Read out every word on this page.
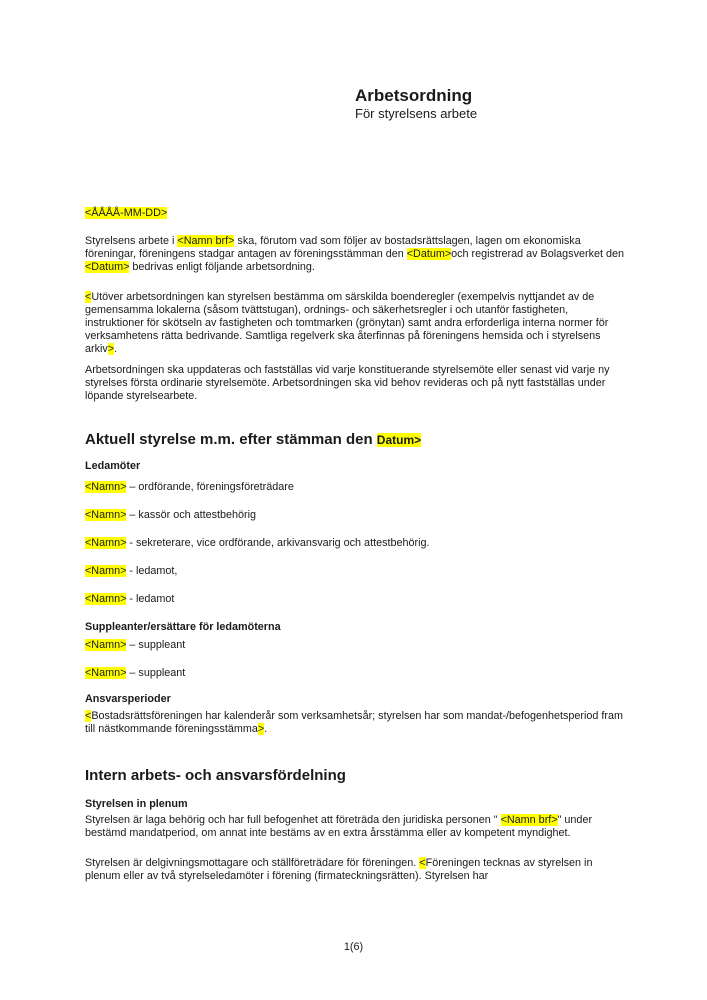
Arbetsordning
För styrelsens arbete

<ÅÅÅÅ-MM-DD>

Styrelsens arbete i <Namn brf> ska, förutom vad som följer av bostadsrättslagen, lagen om ekonomiska föreningar, föreningens stadgar antagen av föreningsstämman den <Datum>och registrerad av Bolagsverket den <Datum> bedrivas enligt följande arbetsordning.

<Utöver arbetsordningen kan styrelsen bestämma om särskilda boenderegler (exempelvis nyttjandet av de gemensamma lokalerna (såsom tvättstugan), ordnings- och säkerhetsregler i och utanför fastigheten, instruktioner för skötseln av fastigheten och tomtmarken (grönytan) samt andra erforderliga interna normer för verksamhetens rätta bedrivande. Samtliga regelverk ska återfinnas på föreningens hemsida och i styrelsens arkiv>.

Arbetsordningen ska uppdateras och fastställas vid varje konstituerande styrelsemöte eller senast vid varje ny styrelses första ordinarie styrelsemöte. Arbetsordningen ska vid behov revideras och på nytt fastställas under löpande styrelsearbete.

Aktuell styrelse m.m. efter stämman den Datum>
Ledamöter

<Namn> – ordförande, föreningsföreträdare

<Namn> – kassör och attestbehörig

<Namn> - sekreterare, vice ordförande, arkivansvarig och attestbehörig.

<Namn> - ledamot,

<Namn> - ledamot

Suppleanter/ersättare för ledamöterna

<Namn> – suppleant

<Namn> – suppleant

Ansvarsperioder

<Bostadsrättsföreningen har kalenderår som verksamhetsår; styrelsen har som mandat-/befogenhetsperiod fram till nästkommande föreningsstämma>.

Intern arbets- och ansvarsfördelning
Styrelsen in plenum

Styrelsen är laga behörig och har full befogenhet att företräda den juridiska personen " <Namn brf>" under bestämd mandatperiod, om annat inte bestäms av en extra årsstämma eller av kompetent myndighet.

Styrelsen är delgivningsmottagare och ställföreträdare för föreningen. <Föreningen tecknas av styrelsen in plenum eller av två styrelseledamöter i förening (firmateckningsrätten). Styrelsen har

1(6)
